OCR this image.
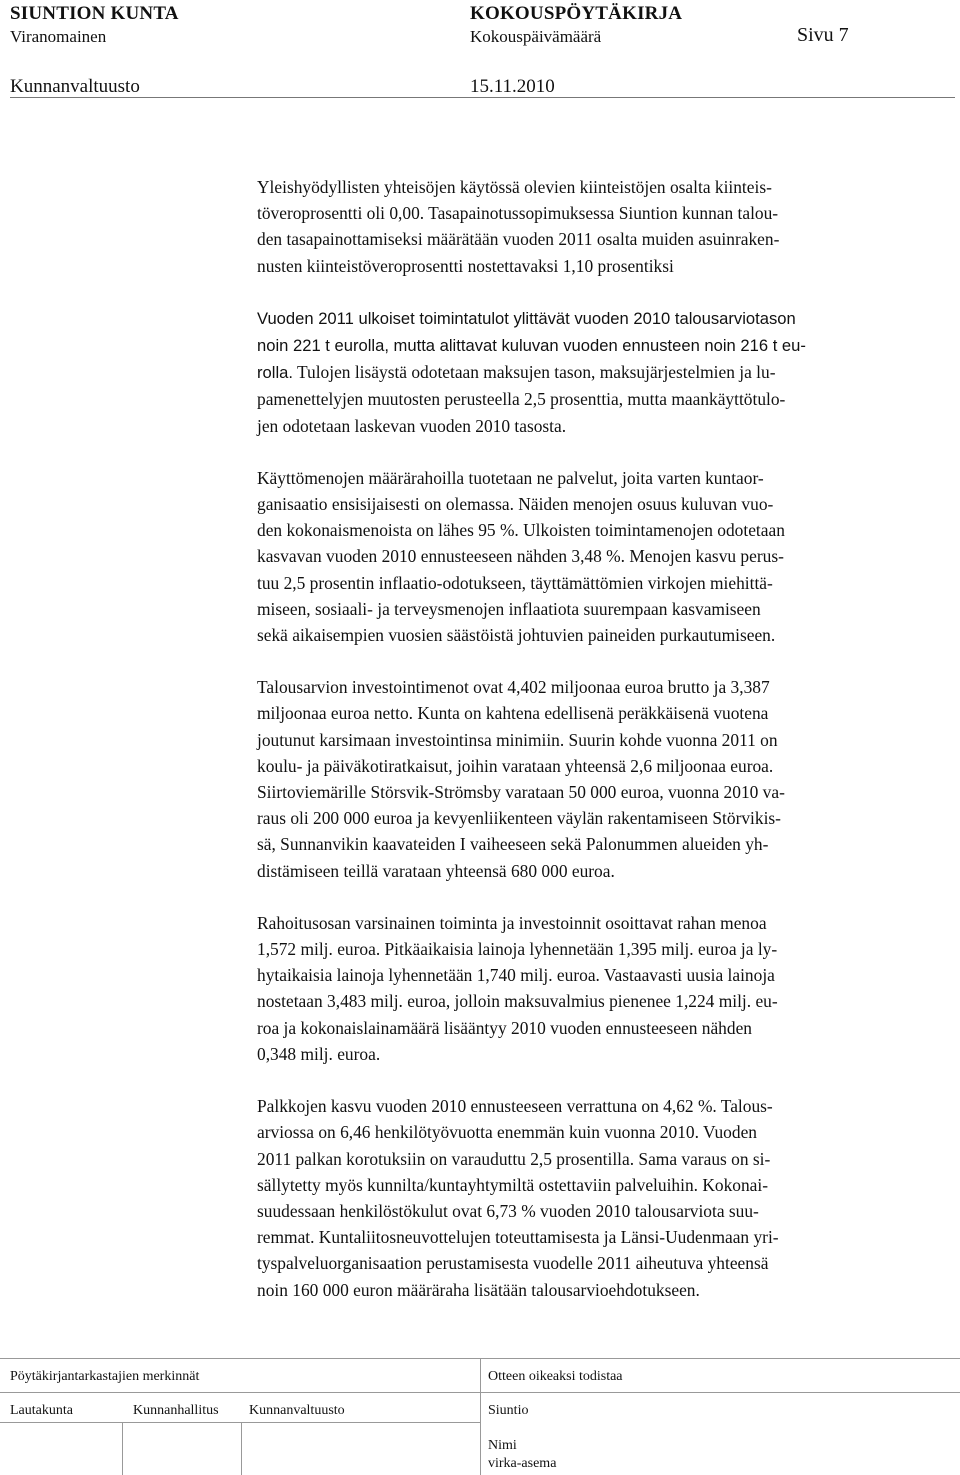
SIUNTION KUNTA	KOKOUSPÖYTÄKIRJA
Viranomainen	Kokouspäivämäärä	Sivu 7
Kunnanvaltuusto	15.11.2010

Yleishyödyllisten yhteisöjen käytössä olevien kiinteistöjen osalta kiinteis-
töveroprosentti oli 0,00. Tasapainotussopimuksessa Siuntion kunnan talou-
den tasapainottamiseksi määrätään vuoden 2011 osalta muiden asuinraken-
nusten kiinteistöveroprosentti nostettavaksi 1,10 prosentiksi

Vuoden 2011 ulkoiset toimintatulot ylittävät vuoden 2010 talousarviotason
noin 221 t eurolla, mutta alittavat kuluvan vuoden ennusteen noin 216 t eu-
rolla. Tulojen lisäystä odotetaan maksujen tason, maksujärjestelmien ja lu-
pamenettelyjen muutosten perusteella 2,5 prosenttia, mutta maankäyttötulo-
jen odotetaan laskevan vuoden 2010 tasosta.

Käyttömenojen määrärahoilla tuotetaan ne palvelut, joita varten kuntaor-
ganisaatio ensisijaisesti on olemassa. Näiden menojen osuus kuluvan vuo-
den kokonaismenoista on lähes 95 %. Ulkoisten toimintamenojen odotetaan
kasvavan vuoden 2010 ennusteeseen nähden 3,48 %. Menojen kasvu perus-
tuu 2,5 prosentin inflaatio-odotukseen, täyttämättömien virkojen miehittä-
miseen, sosiaali- ja terveysmenojen inflaatiota suurempaan kasvamiseen
sekä aikaisempien vuosien säästöistä johtuvien paineiden purkautumiseen.

Talousarvion investointimenot ovat 4,402 miljoonaa euroa brutto ja 3,387
miljoonaa euroa netto. Kunta on kahtena edellisenä peräkkäisenä vuotena
joutunut karsimaan investointinsa minimiin. Suurin kohde vuonna 2011 on
koulu- ja päiväkotiratkaisut, joihin varataan yhteensä 2,6 miljoonaa euroa.
Siirtoviemärille Störsvik-Strömsby varataan 50 000 euroa, vuonna 2010 va-
raus oli 200 000 euroa ja kevyenliikenteen väylän rakentamiseen Störvikis-
sä, Sunnanvikin kaavateiden I vaiheeseen sekä Palonummen alueiden yh-
distämiseen teillä varataan yhteensä 680 000 euroa.

Rahoitusosan varsinainen toiminta ja investoinnit osoittavat rahan menoa
1,572 milj. euroa. Pitkäaikaisia lainoja lyhennetään 1,395 milj. euroa ja ly-
hytaikaisia lainoja lyhennetään 1,740 milj. euroa. Vastaavasti uusia lainoja
nostetaan 3,483 milj. euroa, jolloin maksuvalmius pienenee 1,224 milj. eu-
roa ja kokonaislainamäärä lisääntyy 2010 vuoden ennusteeseen nähden
0,348 milj. euroa.

Palkkojen kasvu vuoden 2010 ennusteeseen verrattuna on 4,62 %. Talous-
arviossa on 6,46 henkilötyövuotta enemmän kuin vuonna 2010. Vuoden
2011 palkan korotuksiin on varauduttu 2,5 prosentilla. Sama varaus on si-
sällytetty myös kunnilta/kuntayhtymiltä ostettaviin palveluihin. Kokonai-
suudessaan henkilöstökulut ovat 6,73 % vuoden 2010 talousarviota suu-
remmat. Kuntaliitosneuvottelujen toteuttamisesta ja Länsi-Uudenmaan yri-
tyspalveluorganisaation perustamisesta vuodelle 2011 aiheutuva yhteensä
noin 160 000 euron määräraha lisätään talousarvioehdotukseen.

Pöytäkirjantarkastajien merkinnät	Otteen oikeaksi todistaa
Lautakunta	Kunnanhallitus Kunnanvaltuusto	Siuntio
Nimi
virka-asema
